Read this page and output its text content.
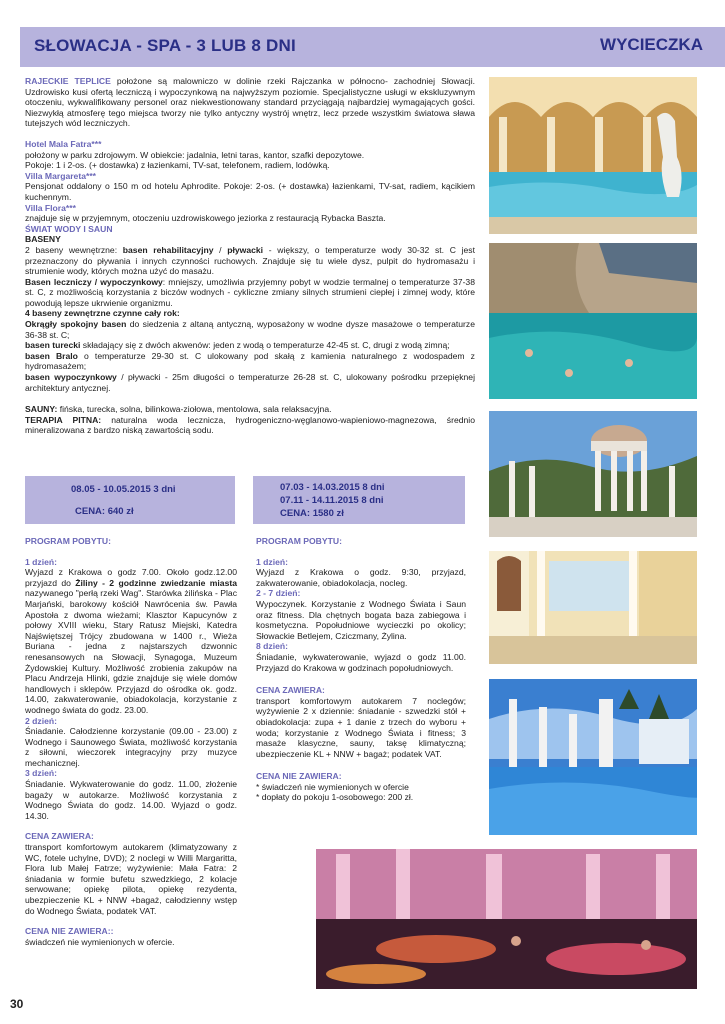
SŁOWACJA - SPA - 3 LUB 8 DNI	WYCIECZKA

RAJECKIE TEPLICE położone są malowniczo w dolinie rzeki Rajczanka w północno- zachodniej Słowacji. Uzdrowisko kusi ofertą leczniczą i wypoczynkową na najwyższym poziomie. Specjalistyczne usługi w ekskluzywnym otoczeniu, wykwalifikowany personel oraz niekwestionowany standard przyciągają najbardziej wymagających gości. Niezwykłą atmosferę tego miejsca tworzy nie tylko antyczny wystrój wnętrz, lecz przede wszystkim światowa sława tutejszych wód leczniczych.

Hotel Mala Fatra***

położony w parku zdrojowym. W obiekcie: jadalnia, letni taras, kantor, szafki depozytowe.

Pokoje: 1 i 2-os. (+ dostawka) z łazienkami, TV-sat, telefonem, radiem, lodówką.

Villa Margareta***

Pensjonat oddalony o 150 m od hotelu Aphrodite. Pokoje: 2-os. (+ dostawka) łazienkami, TV-sat, radiem, kącikiem kuchennym.

Villa Flora***

znajduje się w przyjemnym, otoczeniu uzdrowiskowego jeziorka z restauracją Rybacka Baszta.

ŚWIAT WODY I SAUN

BASENY

2 baseny wewnętrzne: basen rehabilitacyjny / pływacki - większy, o temperaturze wody 30-32 st. C jest przeznaczony do pływania i innych czynności ruchowych. Znajduje się tu wiele dysz, pulpit do hydromasażu i strumienie wody, których można użyć do masażu.

Basen leczniczy / wypoczynkowy: mniejszy, umożliwia przyjemny pobyt w wodzie termalnej o temperaturze 37-38 st. C, z możliwością korzystania z biczów wodnych - cykliczne zmiany silnych strumieni ciepłej i zimnej wody, które powodują lepsze ukrwienie organizmu.

4 baseny zewnętrzne czynne cały rok:

Okrągły spokojny basen do siedzenia z altaną antyczną, wyposażony w wodne dysze masażowe o temperaturze 36-38 st. C;

basen turecki składający się z dwóch akwenów: jeden z wodą o temperaturze 42-45 st. C, drugi z wodą zimną;

basen Bralo o temperaturze 29-30 st. C ulokowany pod skałą z kamienia naturalnego z wodospadem z hydromasażem;

basen wypoczynkowy / pływacki - 25m długości o temperaturze 26-28 st. C, ulokowany pośrodku przepięknej architektury antycznej.

SAUNY: fińska, turecka, solna, bilinkowa-ziołowa, mentolowa, sala relaksacyjna.

TERAPIA PITNA: naturalna woda lecznicza, hydrogeniczno-węglanowo-wapieniowo-magnezowa, średnio mineralizowana z bardzo niską zawartością sodu.

08.05 - 10.05.2015 3 dni
CENA: 640 zł
07.03 - 14.03.2015 8 dni
07.11 - 14.11.2015 8 dni
CENA: 1580 zł

PROGRAM POBYTU:

1 dzień:

Wyjazd z Krakowa o godz 7.00. Około godz.12.00 przyjazd do Żiliny - 2 godzinne zwiedzanie miasta nazywanego "perłą rzeki Wag". Starówka żilińska - Plac Marjański, barokowy kościół Nawrócenia św. Pawła Apostoła z dwoma wieżami; Klasztor Kapucynów z połowy XVIII wieku, Stary Ratusz Miejski, Katedra Najświętszej Trójcy zbudowana w 1400 r., Wieża Buriana - jedna z najstarszych dzwonnic renesansowych na Słowacji, Synagoga, Muzeum Żydowskiej Kultury. Możliwość zrobienia zakupów na Placu Andrzeja Hlinki, gdzie znajduje się wiele domów handlowych i sklepów. Przyjazd do ośrodka ok. godz. 14.00, zakwaterowanie, obiadokolacja, korzystanie z wodnego świata do godz. 23.00.

2 dzień:

Śniadanie. Całodzienne korzystanie (09.00 - 23.00) z Wodnego i Saunowego Świata, możliwość korzystania z siłowni, wieczorek integracyjny przy muzyce mechanicznej.

3 dzień:

Śniadanie. Wykwaterowanie do godz. 11.00, złożenie bagaży w autokarze. Możliwość korzystania z Wodnego Świata do godz. 14.00. Wyjazd o godz. 14.30.

CENA ZAWIERA:

ttransport komfortowym autokarem (klimatyzowany z WC, fotele uchylne, DVD); 2 noclegi w Willi Margaritta, Flora lub Małej Fatrze; wyżywienie: Mała Fatra: 2 śniadania w formie bufetu szwedzkiego, 2 kolacje serwowane; opiekę pilota, opiekę rezydenta, ubezpieczenie KL + NNW +bagaż, całodzienny wstęp do Wodnego Świata, podatek VAT.

CENA NIE ZAWIERA::

świadczeń nie wymienionych w ofercie.

PROGRAM POBYTU:

1 dzień:

Wyjazd z Krakowa o godz. 9:30, przyjazd, zakwaterowanie, obiadokolacja, nocleg.

2 - 7 dzień:

Wypoczynek. Korzystanie z Wodnego Świata i Saun oraz fitness. Dla chętnych bogata baza zabiegowa i kosmetyczna. Popołudniowe wycieczki po okolicy; Słowackie Betlejem, Cziczmany, Żylina.

8 dzień:

Śniadanie, wykwaterowanie, wyjazd o godz 11.00. Przyjazd do Krakowa w godzinach popołudniowych.

CENA ZAWIERA:

transport komfortowym autokarem 7 noclegów; wyżywienie 2 x dziennie: śniadanie - szwedzki stół + obiadokolacja: zupa + 1 danie z trzech do wyboru + woda; korzystanie z Wodnego Świata i fitness; 3 masaże klasyczne, sauny, taksę klimatyczną; ubezpieczenie KL + NNW + bagaż; podatek VAT.

CENA NIE ZAWIERA:

* świadczeń nie wymienionych w ofercie

* dopłaty do pokoju 1-osobowego: 200 zł.

30
